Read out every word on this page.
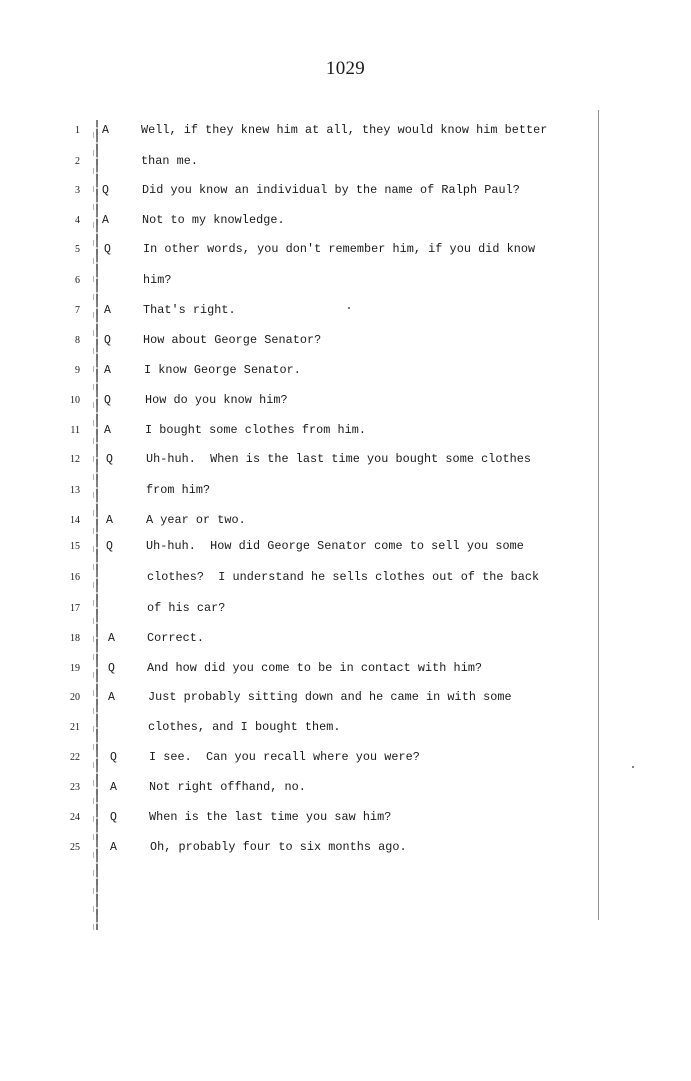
1029
1 A	Well, if they knew him at all, they would know him better
2	than me.
3 Q	Did you know an individual by the name of Ralph Paul?
4 A	Not to my knowledge.
5 Q	In other words, you don't remember him, if you did know
6	him?
7 A	That's right.
8 Q	How about George Senator?
9 A	I know George Senator.
10 Q	How do you know him?
11 A	I bought some clothes from him.
12 Q	Uh-huh.  When is the last time you bought some clothes
13	from him?
14 A	A year or two.
15 Q	Uh-huh.  How did George Senator come to sell you some
16	clothes?  I understand he sells clothes out of the back
17	of his car?
18 A	Correct.
19 Q	And how did you come to be in contact with him?
20 A	Just probably sitting down and he came in with some
21	clothes, and I bought them.
22	Q	I see.  Can you recall where you were?
23	A	Not right offhand, no.
24	Q	When is the last time you saw him?
25	A	Oh, probably four to six months ago.
